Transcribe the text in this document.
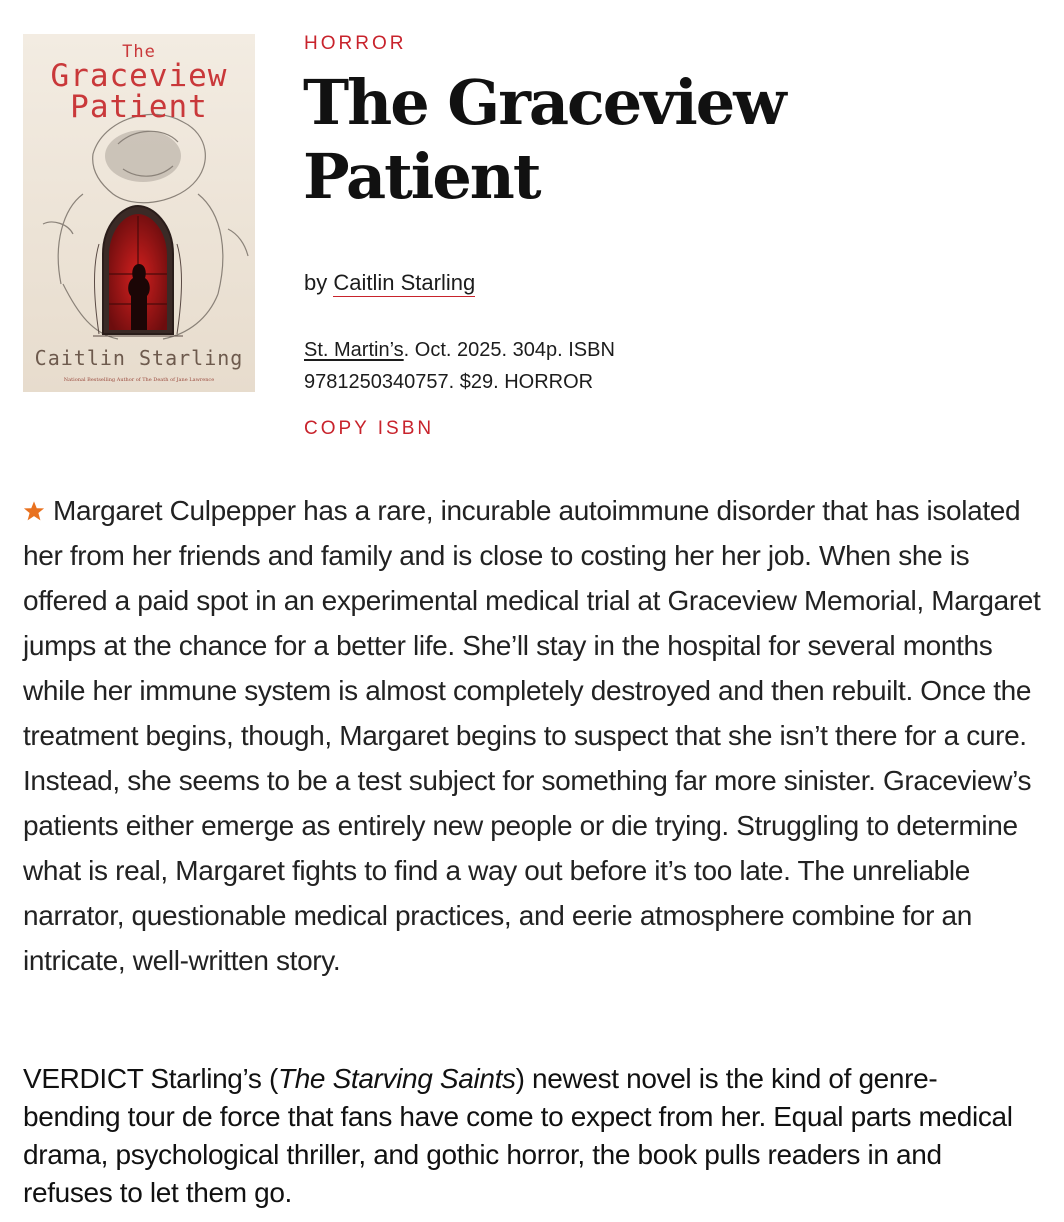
The
Graceview
Patient
Caitlin Starling
National Bestselling Author of The Death of Jane Lawrence
HORROR
The Graceview Patient
by Caitlin Starling
St. Martin’s. Oct. 2025. 304p. ISBN 9781250340757. $29. HORROR
COPY ISBN

Margaret Culpepper has a rare, incurable autoimmune disorder that has isolated her from her friends and family and is close to costing her her job. When she is offered a paid spot in an experimental medical trial at Graceview Memorial, Margaret jumps at the chance for a better life. She’ll stay in the hospital for several months while her immune system is almost completely destroyed and then rebuilt. Once the treatment begins, though, Margaret begins to suspect that she isn’t there for a cure. Instead, she seems to be a test subject for something far more sinister. Graceview’s patients either emerge as entirely new people or die trying. Struggling to determine what is real, Margaret fights to find a way out before it’s too late. The unreliable narrator, questionable medical practices, and eerie atmosphere combine for an intricate, well-written story.

VERDICT Starling’s (The Starving Saints) newest novel is the kind of genre-bending tour de force that fans have come to expect from her. Equal parts medical drama, psychological thriller, and gothic horror, the book pulls readers in and refuses to let them go.
